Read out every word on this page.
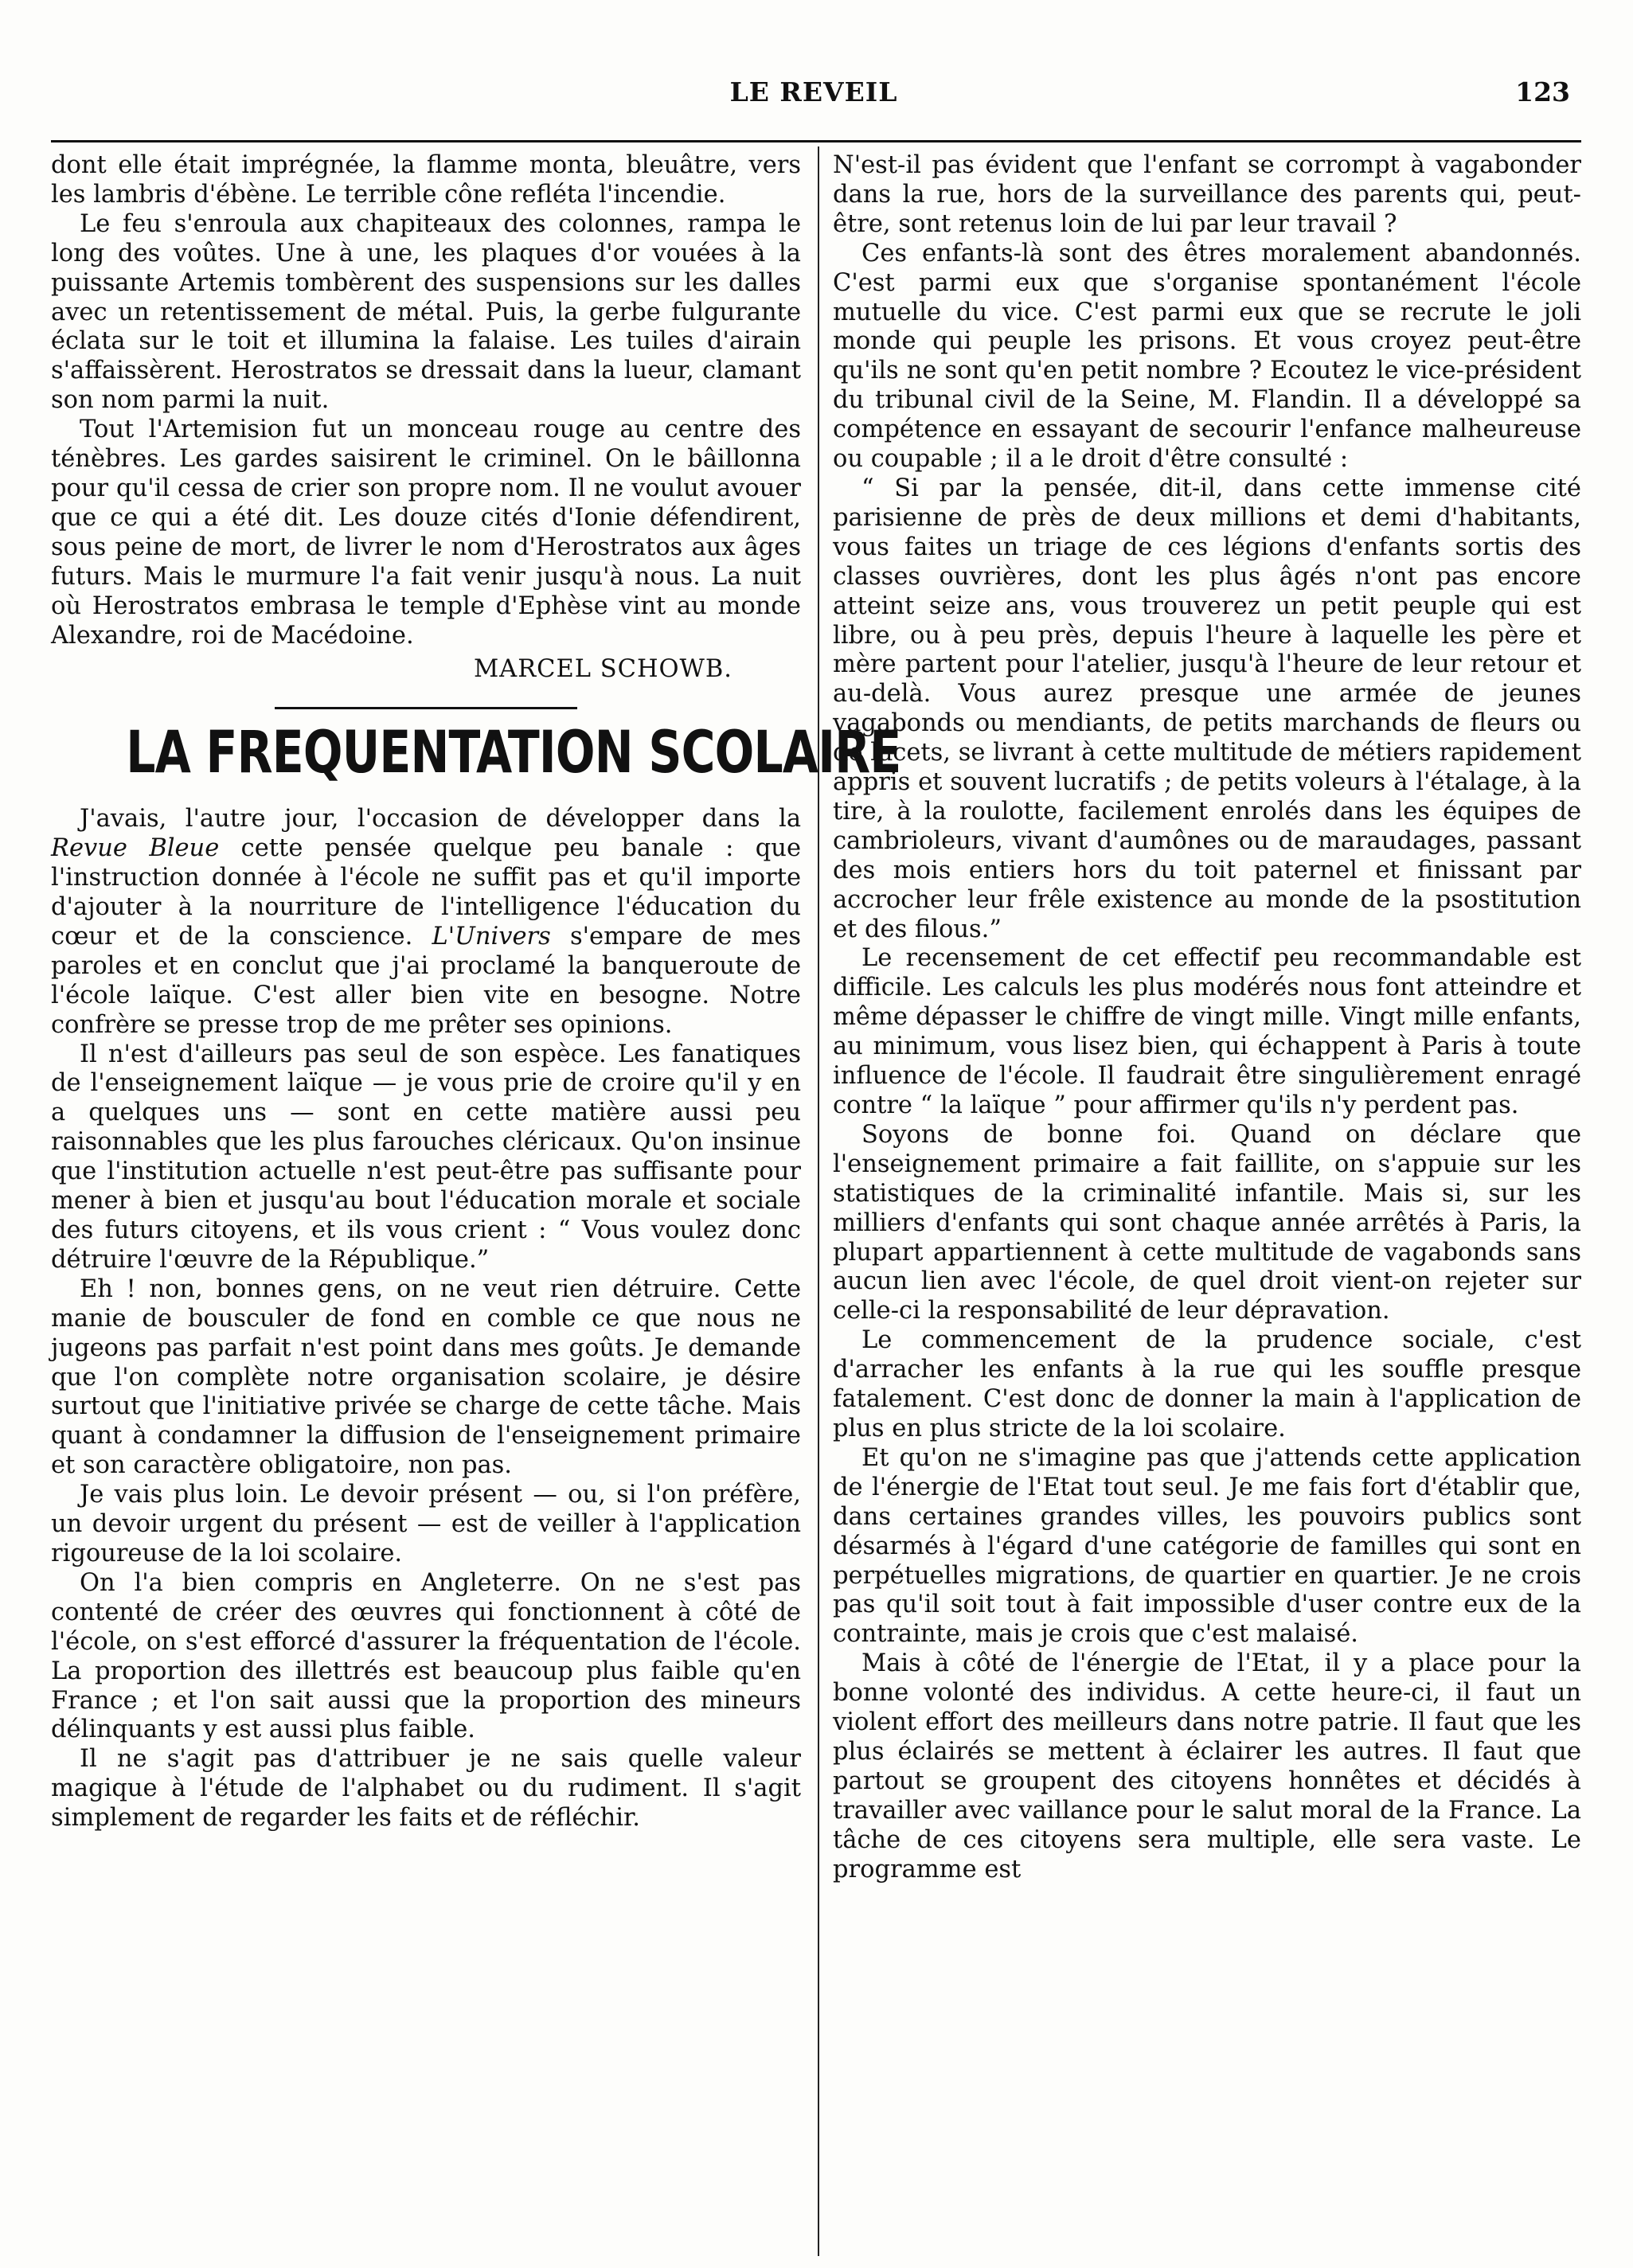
LE REVEIL	123

dont elle était imprégnée, la flamme monta, bleuâtre, vers les lambris d'ébène. Le terrible cône refléta l'incendie.

Le feu s'enroula aux chapiteaux des colonnes, rampa le long des voûtes. Une à une, les plaques d'or vouées à la puissante Artemis tombèrent des suspensions sur les dalles avec un retentissement de métal. Puis, la gerbe fulgurante éclata sur le toit et illumina la falaise. Les tuiles d'airain s'affaissèrent. Herostratos se dressait dans la lueur, clamant son nom parmi la nuit.

Tout l'Artemision fut un monceau rouge au centre des ténèbres. Les gardes saisirent le criminel. On le bâillonna pour qu'il cessa de crier son propre nom. Il ne voulut avouer que ce qui a été dit. Les douze cités d'Ionie défendirent, sous peine de mort, de livrer le nom d'Herostratos aux âges futurs. Mais le murmure l'a fait venir jusqu'à nous. La nuit où Herostratos embrasa le temple d'Ephèse vint au monde Alexandre, roi de Macédoine.

MARCEL SCHOWB.

LA FREQUENTATION SCOLAIRE

J'avais, l'autre jour, l'occasion de développer dans la Revue Bleue cette pensée quelque peu banale : que l'instruction donnée à l'école ne suffit pas et qu'il importe d'ajouter à la nourriture de l'intelligence l'éducation du cœur et de la conscience. L'Univers s'empare de mes paroles et en conclut que j'ai proclamé la banqueroute de l'école laïque. C'est aller bien vite en besogne. Notre confrère se presse trop de me prêter ses opinions.

Il n'est d'ailleurs pas seul de son espèce. Les fanatiques de l'enseignement laïque — je vous prie de croire qu'il y en a quelques uns — sont en cette matière aussi peu raisonnables que les plus farouches cléricaux. Qu'on insinue que l'institution actuelle n'est peut-être pas suffisante pour mener à bien et jusqu'au bout l'éducation morale et sociale des futurs citoyens, et ils vous crient : “ Vous voulez donc détruire l'œuvre de la République.”

Eh ! non, bonnes gens, on ne veut rien détruire. Cette manie de bousculer de fond en comble ce que nous ne jugeons pas parfait n'est point dans mes goûts. Je demande que l'on complète notre organisation scolaire, je désire surtout que l'initiative privée se charge de cette tâche. Mais quant à condamner la diffusion de l'enseignement primaire et son caractère obligatoire, non pas.

Je vais plus loin. Le devoir présent — ou, si l'on préfère, un devoir urgent du présent — est de veiller à l'application rigoureuse de la loi scolaire.

On l'a bien compris en Angleterre. On ne s'est pas contenté de créer des œuvres qui fonctionnent à côté de l'école, on s'est efforcé d'assurer la fréquentation de l'école. La proportion des illettrés est beaucoup plus faible qu'en France ; et l'on sait aussi que la proportion des mineurs délinquants y est aussi plus faible.

Il ne s'agit pas d'attribuer je ne sais quelle valeur magique à l'étude de l'alphabet ou du rudiment. Il s'agit simplement de regarder les faits et de réfléchir.

N'est-il pas évident que l'enfant se corrompt à vagabonder dans la rue, hors de la surveillance des parents qui, peut-être, sont retenus loin de lui par leur travail ?

Ces enfants-là sont des êtres moralement abandonnés. C'est parmi eux que s'organise spontanément l'école mutuelle du vice. C'est parmi eux que se recrute le joli monde qui peuple les prisons. Et vous croyez peut-être qu'ils ne sont qu'en petit nombre ? Ecoutez le vice-président du tribunal civil de la Seine, M. Flandin. Il a développé sa compétence en essayant de secourir l'enfance malheureuse ou coupable ; il a le droit d'être consulté :

“ Si par la pensée, dit-il, dans cette immense cité parisienne de près de deux millions et demi d'habitants, vous faites un triage de ces légions d'enfants sortis des classes ouvrières, dont les plus âgés n'ont pas encore atteint seize ans, vous trouverez un petit peuple qui est libre, ou à peu près, depuis l'heure à laquelle les père et mère partent pour l'atelier, jusqu'à l'heure de leur retour et au-delà. Vous aurez presque une armée de jeunes vagabonds ou mendiants, de petits marchands de fleurs ou de lacets, se livrant à cette multitude de métiers rapidement appris et souvent lucratifs ; de petits voleurs à l'étalage, à la tire, à la roulotte, facilement enrolés dans les équipes de cambrioleurs, vivant d'aumônes ou de maraudages, passant des mois entiers hors du toit paternel et finissant par accrocher leur frêle existence au monde de la psostitution et des filous.”

Le recensement de cet effectif peu recommandable est difficile. Les calculs les plus modérés nous font atteindre et même dépasser le chiffre de vingt mille. Vingt mille enfants, au minimum, vous lisez bien, qui échappent à Paris à toute influence de l'école. Il faudrait être singulièrement enragé contre “ la laïque ” pour affirmer qu'ils n'y perdent pas.

Soyons de bonne foi. Quand on déclare que l'enseignement primaire a fait faillite, on s'appuie sur les statistiques de la criminalité infantile. Mais si, sur les milliers d'enfants qui sont chaque année arrêtés à Paris, la plupart appartiennent à cette multitude de vagabonds sans aucun lien avec l'école, de quel droit vient-on rejeter sur celle-ci la responsabilité de leur dépravation.

Le commencement de la prudence sociale, c'est d'arracher les enfants à la rue qui les souffle presque fatalement. C'est donc de donner la main à l'application de plus en plus stricte de la loi scolaire.

Et qu'on ne s'imagine pas que j'attends cette application de l'énergie de l'Etat tout seul. Je me fais fort d'établir que, dans certaines grandes villes, les pouvoirs publics sont désarmés à l'égard d'une catégorie de familles qui sont en perpétuelles migrations, de quartier en quartier. Je ne crois pas qu'il soit tout à fait impossible d'user contre eux de la contrainte, mais je crois que c'est malaisé.

Mais à côté de l'énergie de l'Etat, il y a place pour la bonne volonté des individus. A cette heure-ci, il faut un violent effort des meilleurs dans notre patrie. Il faut que les plus éclairés se mettent à éclairer les autres. Il faut que partout se groupent des citoyens honnêtes et décidés à travailler avec vaillance pour le salut moral de la France. La tâche de ces citoyens sera multiple, elle sera vaste. Le programme est
